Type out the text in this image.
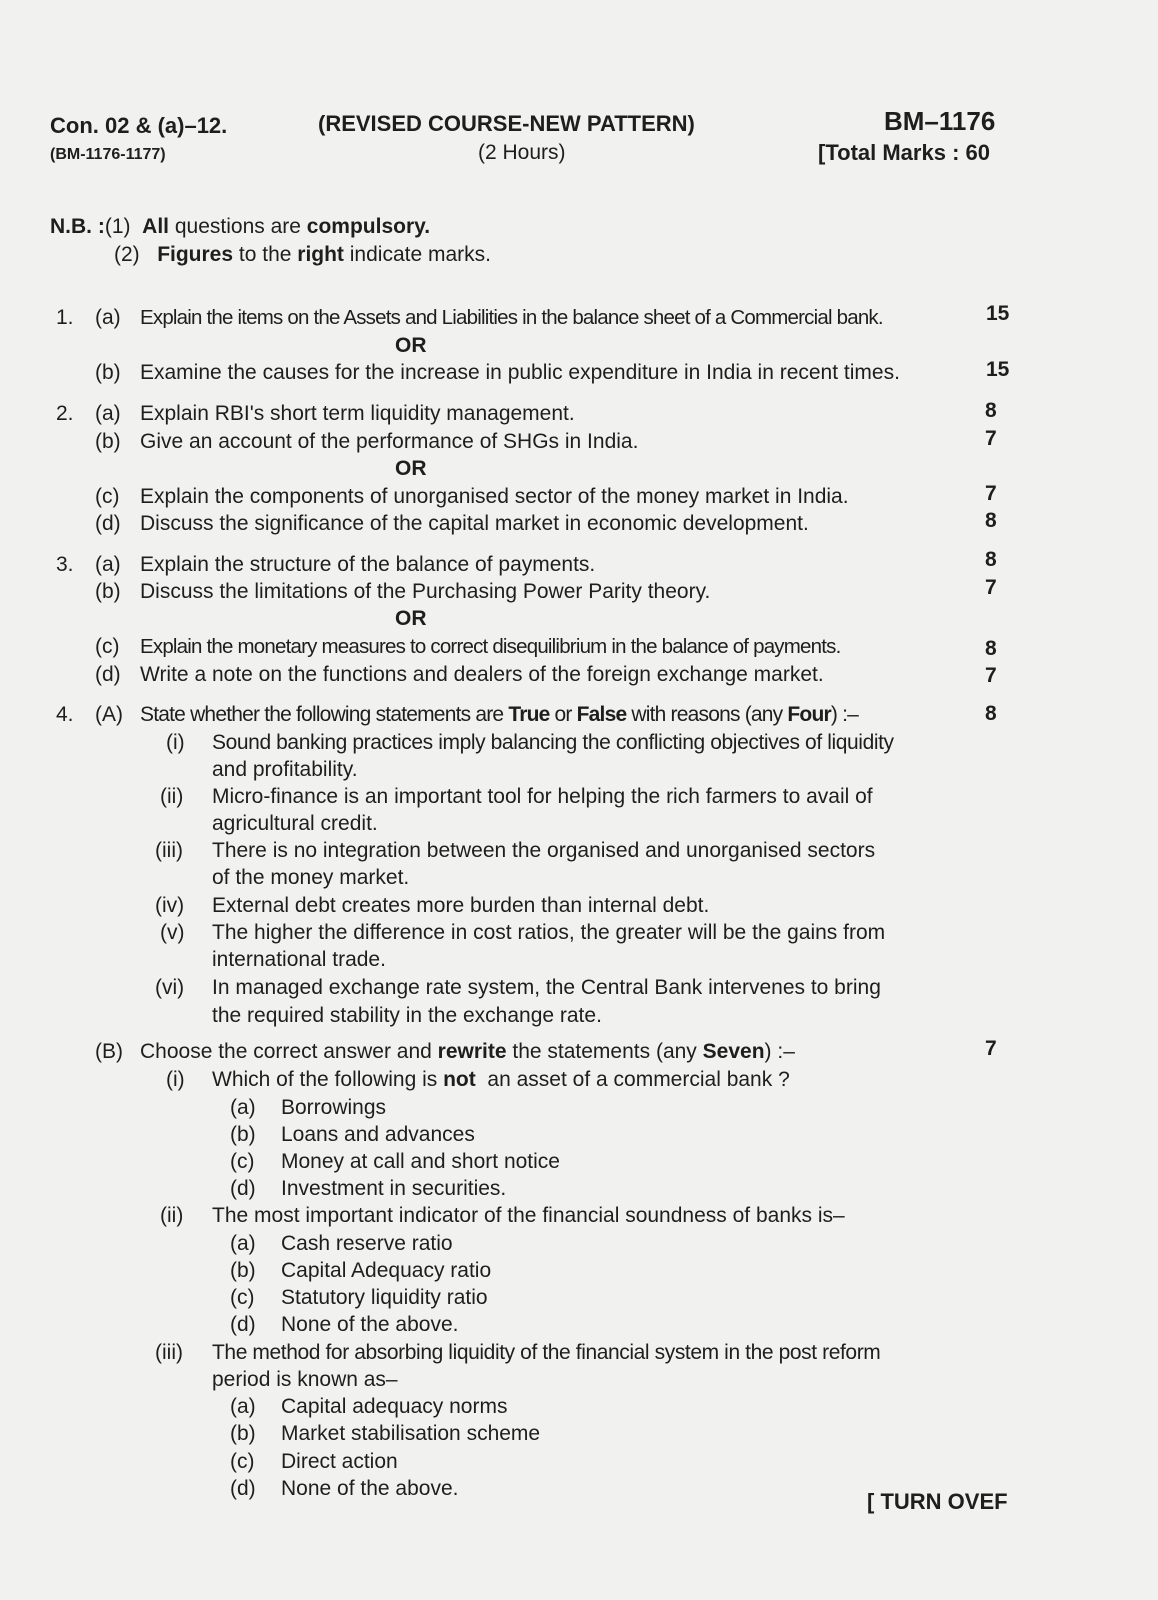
Con. 02 & (a)–12.
(BM-1176-1177)
(REVISED COURSE-NEW PATTERN)
(2 Hours)
BM–1176
[Total Marks : 60
N.B. :(1) All questions are compulsory.
(2) Figures to the right indicate marks.
1. (a) Explain the items on the Assets and Liabilities in the balance sheet of a Commercial bank.	15
OR
(b) Examine the causes for the increase in public expenditure in India in recent times.	15
2. (a) Explain RBI's short term liquidity management.	8
(b) Give an account of the performance of SHGs in India.	7
OR
(c) Explain the components of unorganised sector of the money market in India.	7
(d) Discuss the significance of the capital market in economic development.	8
3. (a) Explain the structure of the balance of payments.	8
(b) Discuss the limitations of the Purchasing Power Parity theory.	7
OR
(c) Explain the monetary measures to correct disequilibrium in the balance of payments.	8
(d) Write a note on the functions and dealers of the foreign exchange market.	7
4. (A) State whether the following statements are True or False with reasons (any Four) :–	8
(i) Sound banking practices imply balancing the conflicting objectives of liquidity
and profitability.
(ii) Micro-finance is an important tool for helping the rich farmers to avail of
agricultural credit.
(iii) There is no integration between the organised and unorganised sectors
of the money market.
(iv) External debt creates more burden than internal debt.
(v) The higher the difference in cost ratios, the greater will be the gains from
international trade.
(vi) In managed exchange rate system, the Central Bank intervenes to bring
the required stability in the exchange rate.
(B) Choose the correct answer and rewrite the statements (any Seven) :–	7
(i) Which of the following is not  an asset of a commercial bank ?
(a) Borrowings
(b) Loans and advances
(c) Money at call and short notice
(d) Investment in securities.
(ii) The most important indicator of the financial soundness of banks is–
(a) Cash reserve ratio
(b) Capital Adequacy ratio
(c) Statutory liquidity ratio
(d) None of the above.
(iii) The method for absorbing liquidity of the financial system in the post reform
period is known as–
(a) Capital adequacy norms
(b) Market stabilisation scheme
(c) Direct action
(d) None of the above.
[ TURN OVEF
